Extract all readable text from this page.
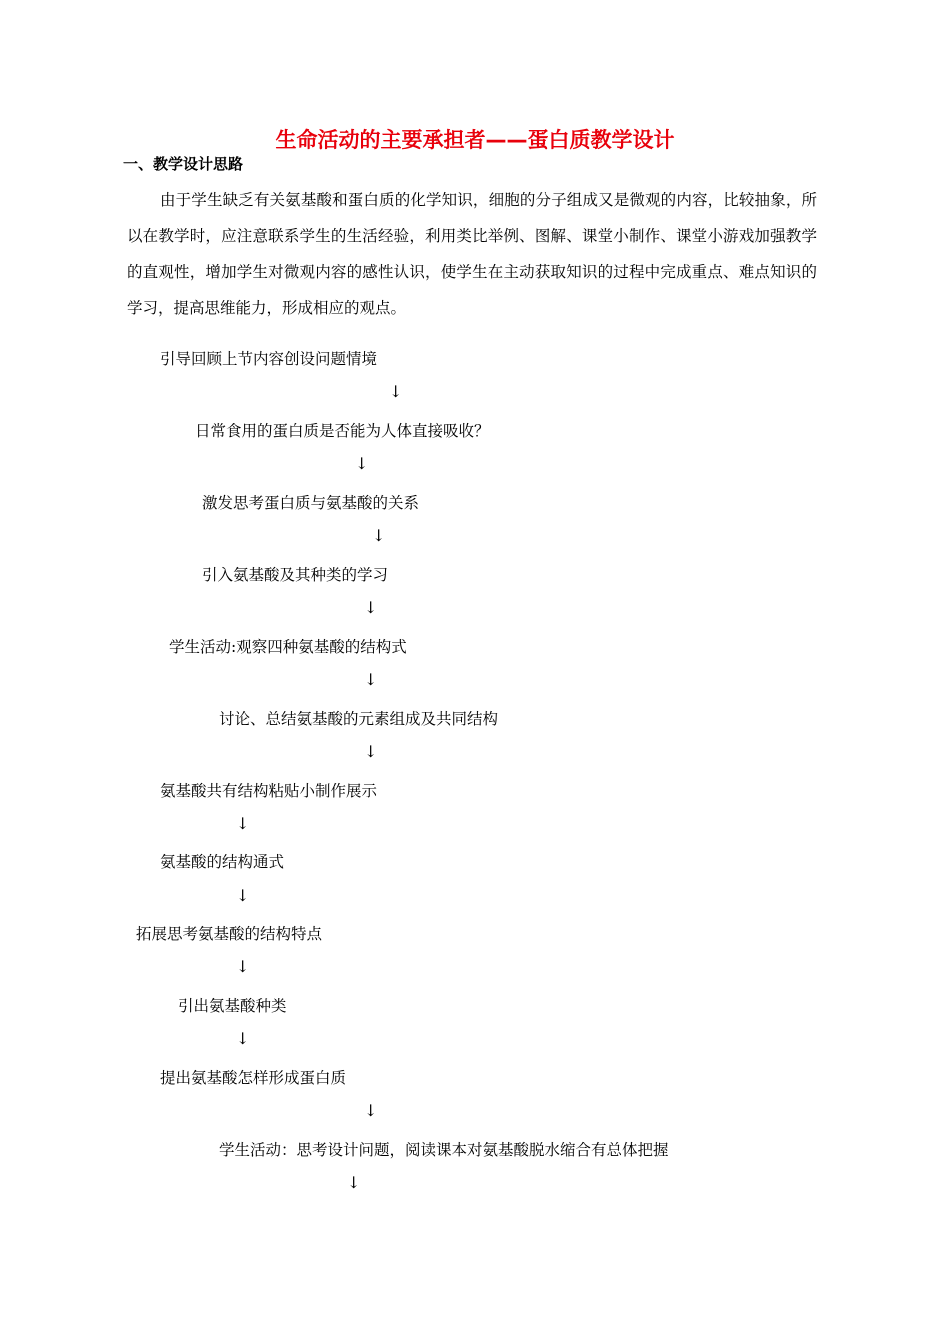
生命活动的主要承担者——蛋白质教学设计
一、教学设计思路
由于学生缺乏有关氨基酸和蛋白质的化学知识，细胞的分子组成又是微观的内容，比较抽象，所以在教学时，应注意联系学生的生活经验，利用类比举例、图解、课堂小制作、课堂小游戏加强教学的直观性，增加学生对微观内容的感性认识，使学生在主动获取知识的过程中完成重点、难点知识的学习，提高思维能力，形成相应的观点。
引导回顾上节内容创设问题情境
↓
日常食用的蛋白质是否能为人体直接吸收？
↓
激发思考蛋白质与氨基酸的关系
↓
引入氨基酸及其种类的学习
↓
学生活动:观察四种氨基酸的结构式
↓
讨论、总结氨基酸的元素组成及共同结构
↓
氨基酸共有结构粘贴小制作展示
↓
氨基酸的结构通式
↓
拓展思考氨基酸的结构特点
↓
引出氨基酸种类
↓
提出氨基酸怎样形成蛋白质
↓
学生活动：思考设计问题，阅读课本对氨基酸脱水缩合有总体把握
↓
